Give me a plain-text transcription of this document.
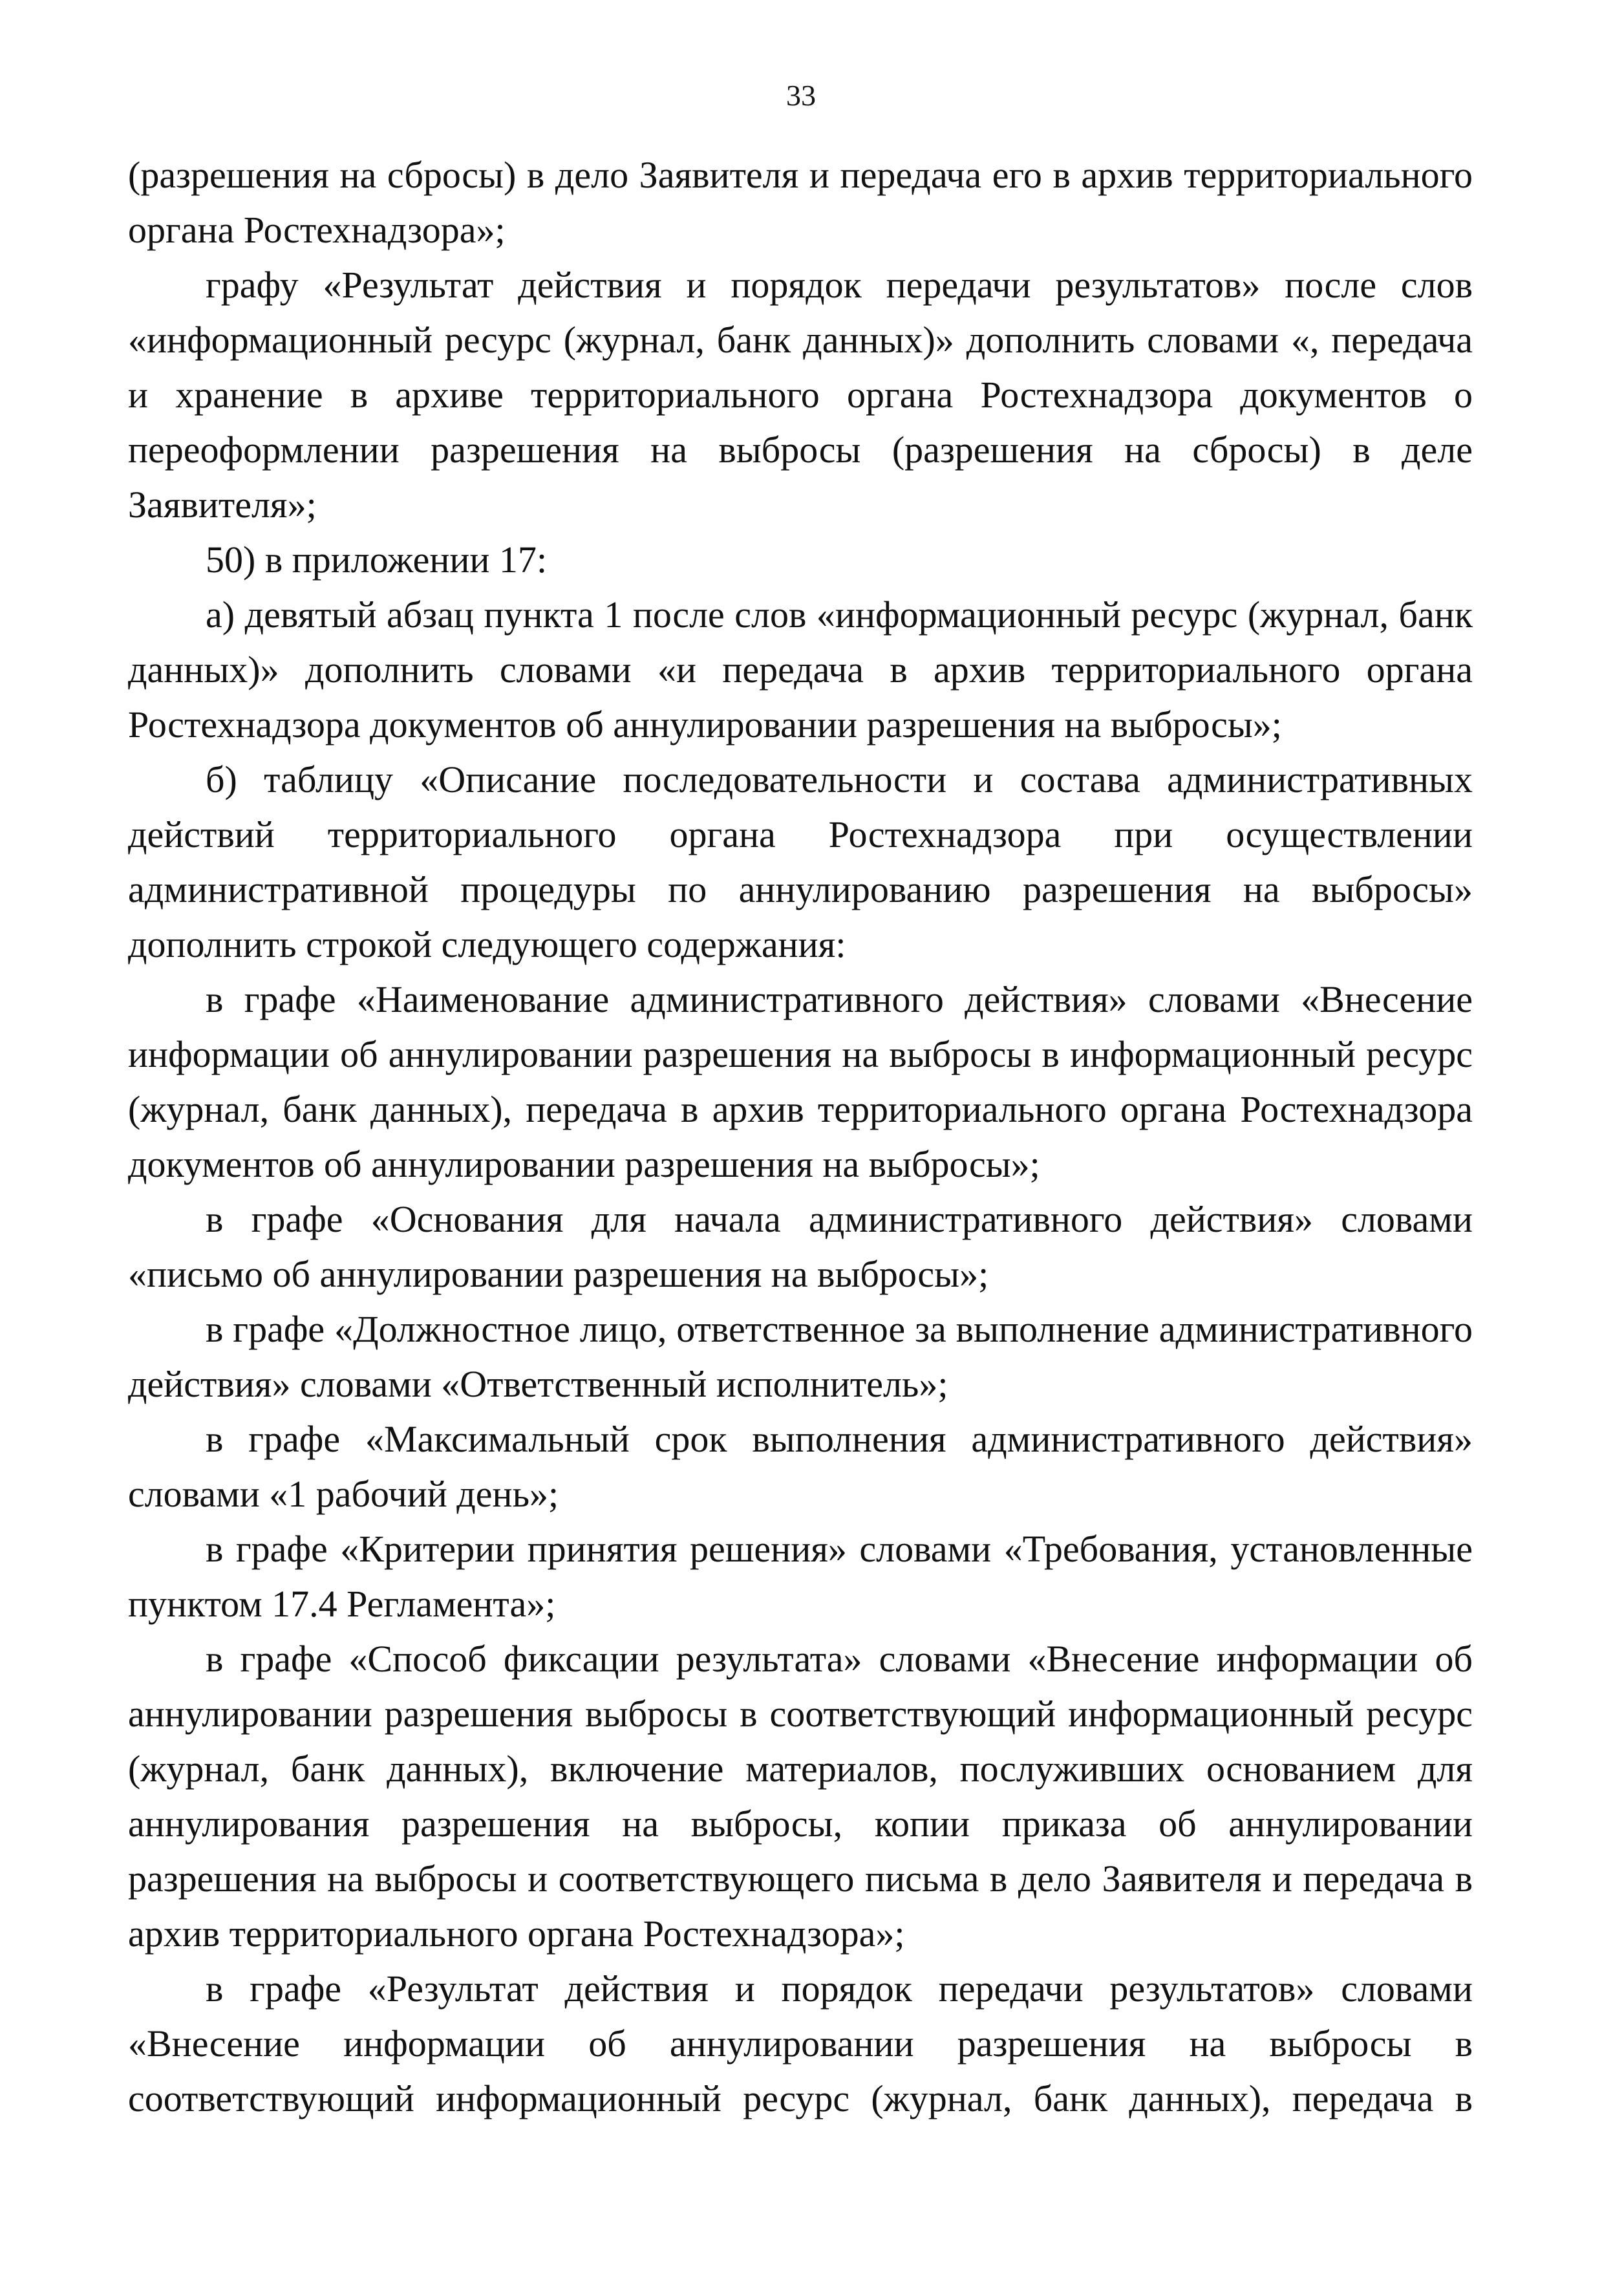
33

(разрешения на сбросы) в дело Заявителя и передача его в архив территориального органа Ростехнадзора»;

графу «Результат действия и порядок передачи результатов» после слов «информационный ресурс (журнал, банк данных)» дополнить словами «, передача и хранение в архиве территориального органа Ростехнадзора документов о переоформлении разрешения на выбросы (разрешения на сбросы) в деле Заявителя»;

50) в приложении 17:

а) девятый абзац пункта 1 после слов «информационный ресурс (журнал, банк данных)» дополнить словами «и передача в архив территориального органа Ростехнадзора документов об аннулировании разрешения на выбросы»;

б) таблицу «Описание последовательности и состава административных действий территориального органа Ростехнадзора при осуществлении административной процедуры по аннулированию разрешения на выбросы» дополнить строкой следующего содержания:

в графе «Наименование административного действия» словами «Внесение информации об аннулировании разрешения на выбросы в информационный ресурс (журнал, банк данных), передача в архив территориального органа Ростехнадзора документов об аннулировании разрешения на выбросы»;

в графе «Основания для начала административного действия» словами «письмо об аннулировании разрешения на выбросы»;

в графе «Должностное лицо, ответственное за выполнение административного действия» словами «Ответственный исполнитель»;

в графе «Максимальный срок выполнения административного действия» словами «1 рабочий день»;

в графе «Критерии принятия решения» словами «Требования, установленные пунктом 17.4 Регламента»;

в графе «Способ фиксации результата» словами «Внесение информации об аннулировании разрешения выбросы в соответствующий информационный ресурс (журнал, банк данных), включение материалов, послуживших основанием для аннулирования разрешения на выбросы, копии приказа об аннулировании разрешения на выбросы и соответствующего письма в дело Заявителя и передача в архив территориального органа Ростехнадзора»;

в графе «Результат действия и порядок передачи результатов» словами «Внесение информации об аннулировании разрешения на выбросы в соответствующий информационный ресурс (журнал, банк данных), передача в
